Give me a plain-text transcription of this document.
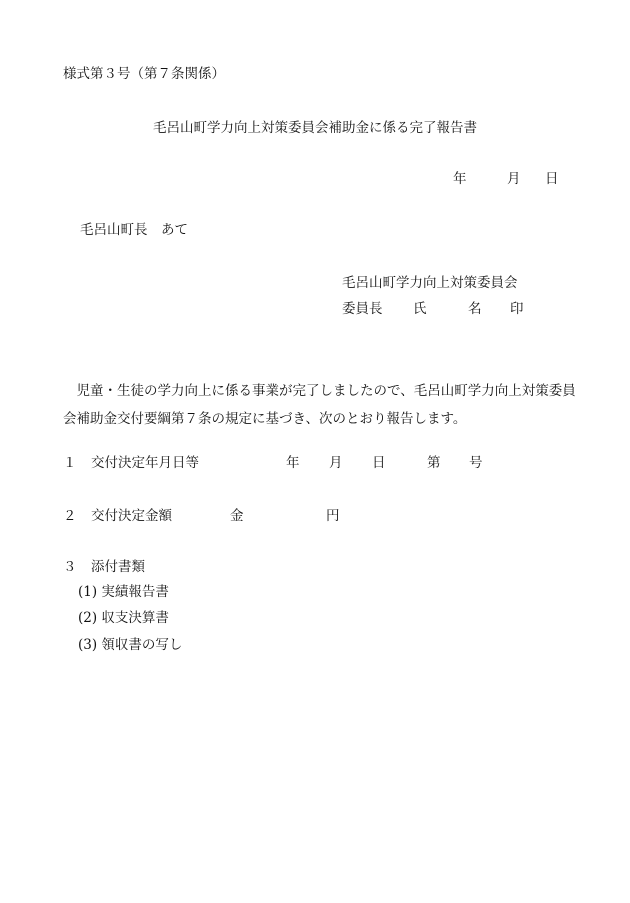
様式第３号（第７条関係）
毛呂山町学力向上対策委員会補助金に係る完了報告書
年	月 日
毛呂山町長　あて
毛呂山町学力向上対策委員会
委員長 氏	名 印
児童・生徒の学力向上に係る事業が完了しましたので、毛呂山町学力向上対策委員会補助金交付要綱第７条の規定に基づき、次のとおり報告します。
１ 交付決定年月日等	年 月 日	第 号
２ 交付決定金額	金	円
３ 添付書類
(1) 実績報告書
(2) 収支決算書
(3) 領収書の写し
